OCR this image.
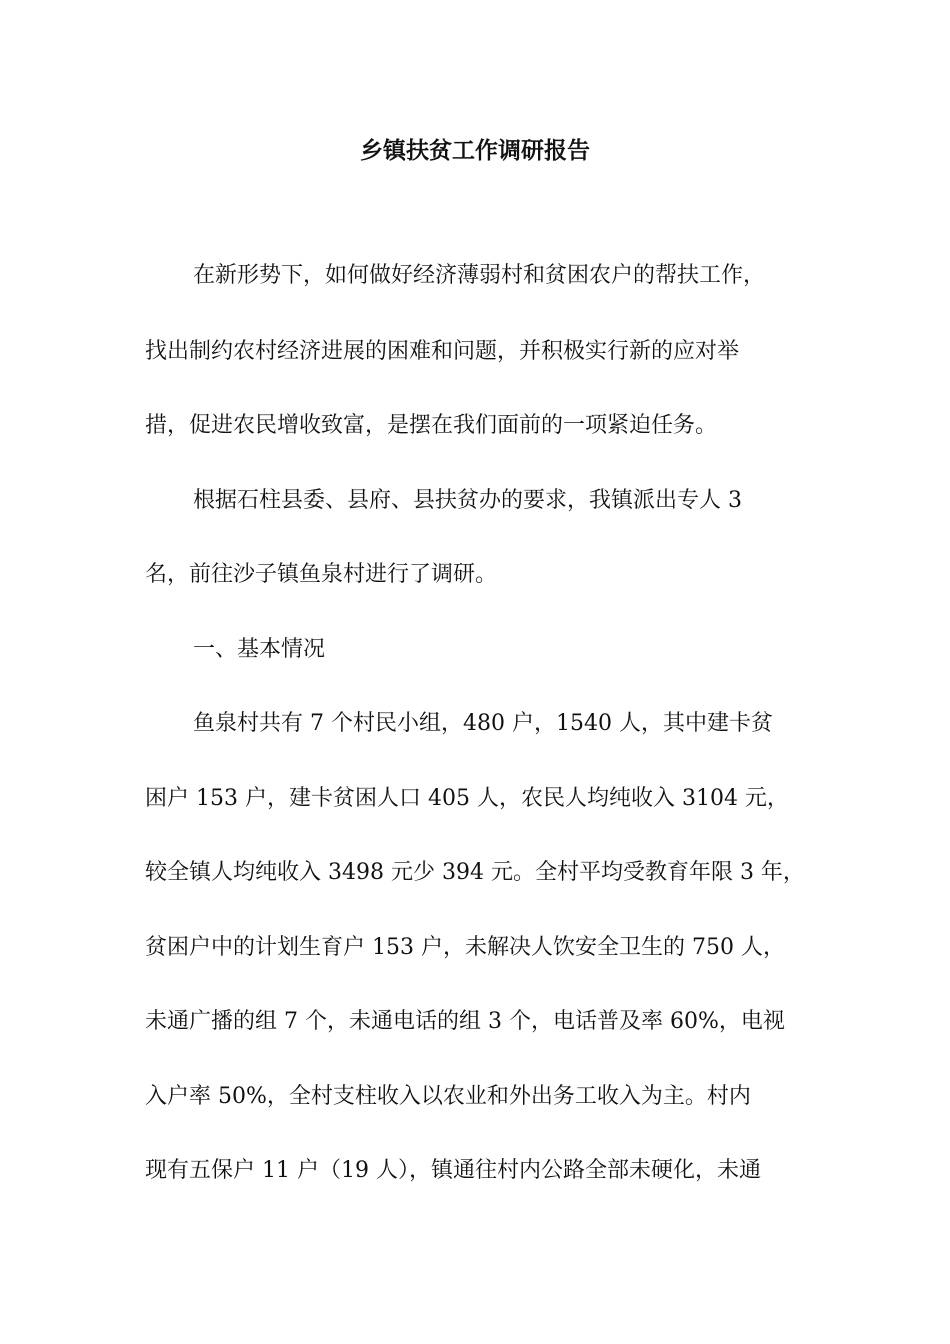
乡镇扶贫工作调研报告
在新形势下，如何做好经济薄弱村和贫困农户的帮扶工作，
找出制约农村经济进展的困难和问题，并积极实行新的应对举
措，促进农民增收致富，是摆在我们面前的一项紧迫任务。
根据石柱县委、县府、县扶贫办的要求，我镇派出专人 3
名，前往沙子镇鱼泉村进行了调研。
一、基本情况
鱼泉村共有 7 个村民小组，480 户，1540 人，其中建卡贫
困户 153 户，建卡贫困人口 405 人，农民人均纯收入 3104 元，
较全镇人均纯收入 3498 元少 394 元。全村平均受教育年限 3 年，
贫困户中的计划生育户 153 户，未解决人饮安全卫生的 750 人，
未通广播的组 7 个，未通电话的组 3 个，电话普及率 60%，电视
入户率 50%，全村支柱收入以农业和外出务工收入为主。村内
现有五保户 11 户（19 人），镇通往村内公路全部未硬化，未通
